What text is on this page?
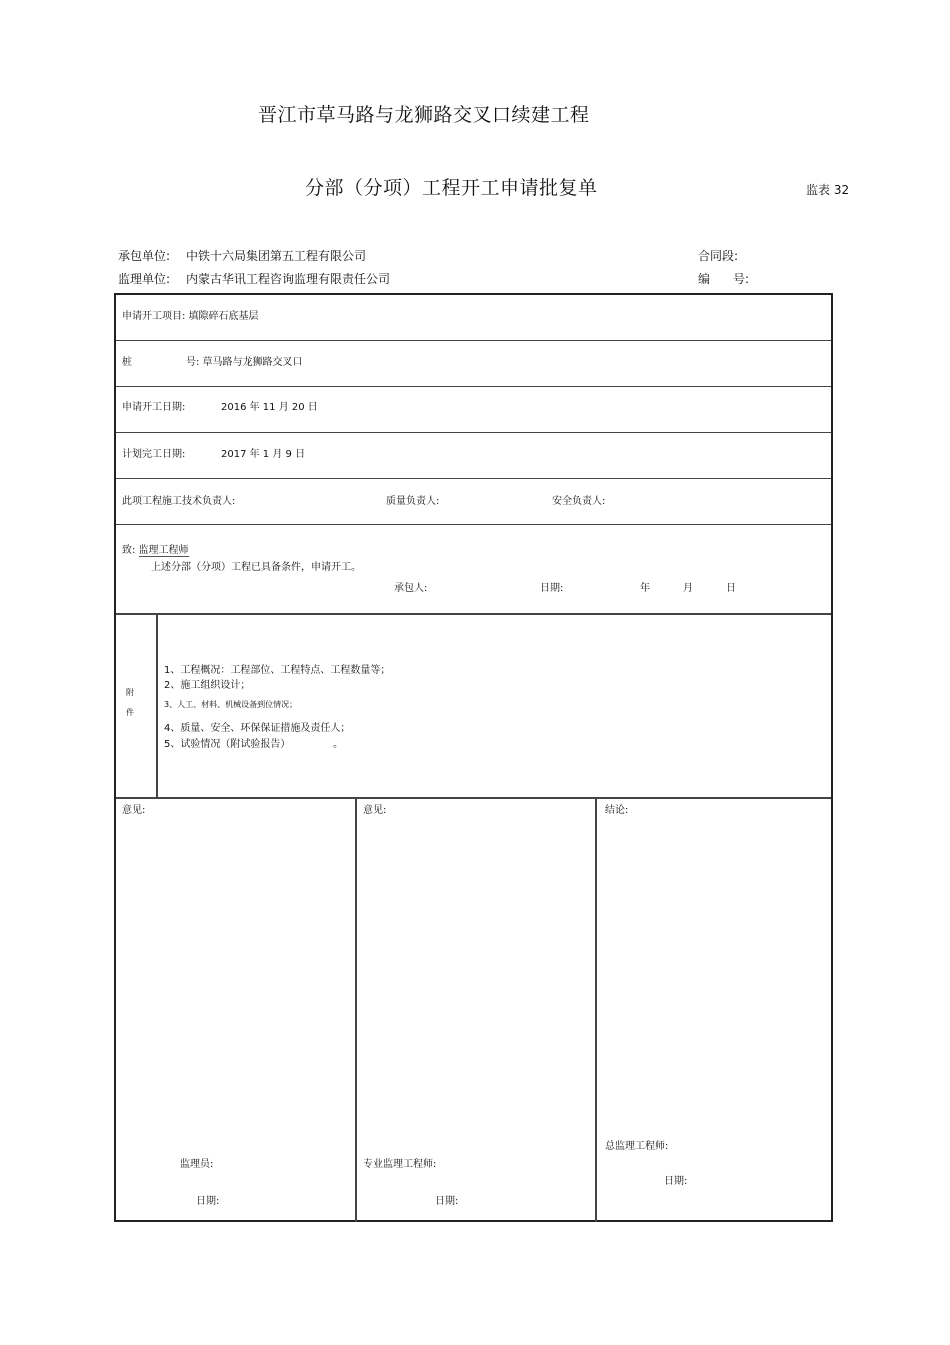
晋江市草马路与龙狮路交叉口续建工程
分部（分项）工程开工申请批复单	监表 32
承包单位: 中铁十六局集团第五工程有限公司	合同段:
监理单位: 内蒙古华讯工程咨询监理有限责任公司	编 号:
申请开工项目: 填隙碎石底基层
桩	号: 草马路与龙狮路交叉口
申请开工日期:	2016 年 11 月 20 日
计划完工日期:	2017 年 1 月 9 日
此项工程施工技术负责人:	质量负责人:	安全负责人:
致: 监理工程师
上述分部（分项）工程已具备条件，申请开工。
承包人:	日期:	年	月	日
附
件
1、工程概况：工程部位、工程特点、工程数量等；
2、施工组织设计；
3、人工、材料、机械设备到位情况；
4、质量、安全、环保保证措施及责任人；
5、试验情况（附试验报告）	。
意见:
监理员:
日期:
意见:
专业监理工程师:
日期:
结论:
总监理工程师:
日期:
